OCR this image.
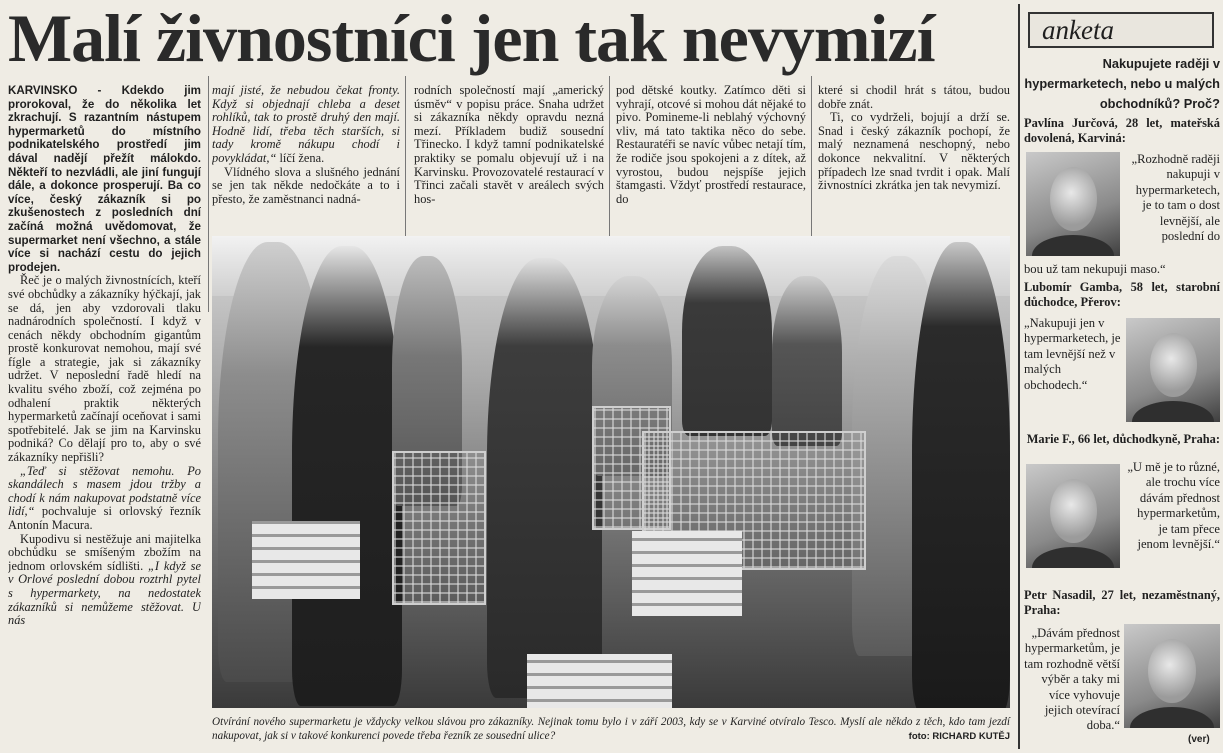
Malí živnostníci jen tak nevymizí
KARVINSKO - Kdekdo jim prorokoval, že do několika let zkrachují. S razantním nástupem hypermarketů do místního podnikatelského prostředí jim dával nadějí přežít málokdo. Někteří to nezvládli, ale jiní fungují dále, a dokonce prosperují. Ba co více, český zákazník si po zkušenostech z posledních dní začíná možná uvědomovat, že supermarket není všechno, a stále více si nachází cestu do jejich prodejen.

Řeč je o malých živnostnících, kteří své obchůdky a zákazníky hýčkají, jak se dá, jen aby vzdorovali tlaku nadnárodních společností. I když v cenách někdy obchodním gigantům prostě konkurovat nemohou, mají své fígle a strategie, jak si zákazníky udržet. V neposlední řadě hledí na kvalitu svého zboží, což zejména po odhalení praktik některých hypermarketů začínají oceňovat i sami spotřebitelé. Jak se jim na Karvinsku podniká? Co dělají pro to, aby o své zákazníky nepřišli?

„Teď si stěžovat nemohu. Po skandálech s masem jdou tržby a chodí k nám nakupovat podstatně více lidí,“ pochvaluje si orlovský řezník Antonín Macura.

Kupodivu si nestěžuje ani majitelka obchůdku se smíšeným zbožím na jednom orlovském sídlišti. „I když se v Orlové poslední dobou roztrhl pytel s hypermarkety, na nedostatek zákazníků si nemůžeme stěžovat. U nás

mají jisté, že nebudou čekat fronty. Když si objednají chleba a deset rohlíků, tak to prostě druhý den mají. Hodně lidí, třeba těch starších, si tady kromě nákupu chodí i povykládat,“ líčí žena.

Vlídného slova a slušného jednání se jen tak někde nedočkáte a to i přesto, že zaměstnanci nadná-

rodních společností mají „americký úsměv“ v popisu práce. Snaha udržet si zákazníka někdy opravdu nezná mezí. Příkladem budiž sousední Třinecko. I když tamní podnikatelské praktiky se pomalu objevují už i na Karvinsku. Provozovatelé restaurací v Třinci začali stavět v areálech svých hos-
pod dětské koutky. Zatímco děti si vyhrají, otcové si mohou dát nějaké to pivo. Pomineme-li neblahý výchovný vliv, má tato taktika něco do sebe. Restauratéři se navíc vůbec netají tím, že rodiče jsou spokojeni a z dítek, až vyrostou, budou nejspíše jejich štamgasti. Vždyť prostředí restaurace, do
které si chodil hrát s tátou, budou dobře znát.

Ti, co vydrželi, bojují a drží se. Snad i český zákazník pochopí, že malý neznamená neschopný, nebo dokonce nekvalitní. V některých případech lze snad tvrdit i opak. Malí živnostníci zkrátka jen tak nevymizí.

Otvírání nového supermarketu je vždycky velkou slávou pro zákazníky. Nejinak tomu bylo i v září 2003, kdy se v Karviné otvíralo Tesco. Myslí ale někdo z těch, kdo tam jezdí nakupovat, jak si v takové konkurenci povede třeba řezník ze sousední ulice?	foto: RICHARD KUTĚJ
anketa
Nakupujete raději v hypermarketech, nebo u malých obchodníků? Proč?
Pavlína Jurčová, 28 let, mateřská dovolená, Karviná:
„Rozhodně raději nakupuji v hypermarketech, je to tam o dost levnější, ale poslední do
bou už tam nekupuji maso.“
Lubomír Gamba, 58 let, starobní důchodce, Přerov:
„Nakupuji jen v hypermarketech, je tam levnější než v malých obchodech.“
Marie F., 66 let, důchodkyně, Praha:
„U mě je to různé, ale trochu více dávám přednost hypermarketům, je tam přece jenom levnější.“
Petr Nasadil, 27 let, nezaměstnaný, Praha:
„Dávám přednost hypermarketům, je tam rozhodně větší výběr a taky mi více vyhovuje jejich otevírací doba.“
(ver)
